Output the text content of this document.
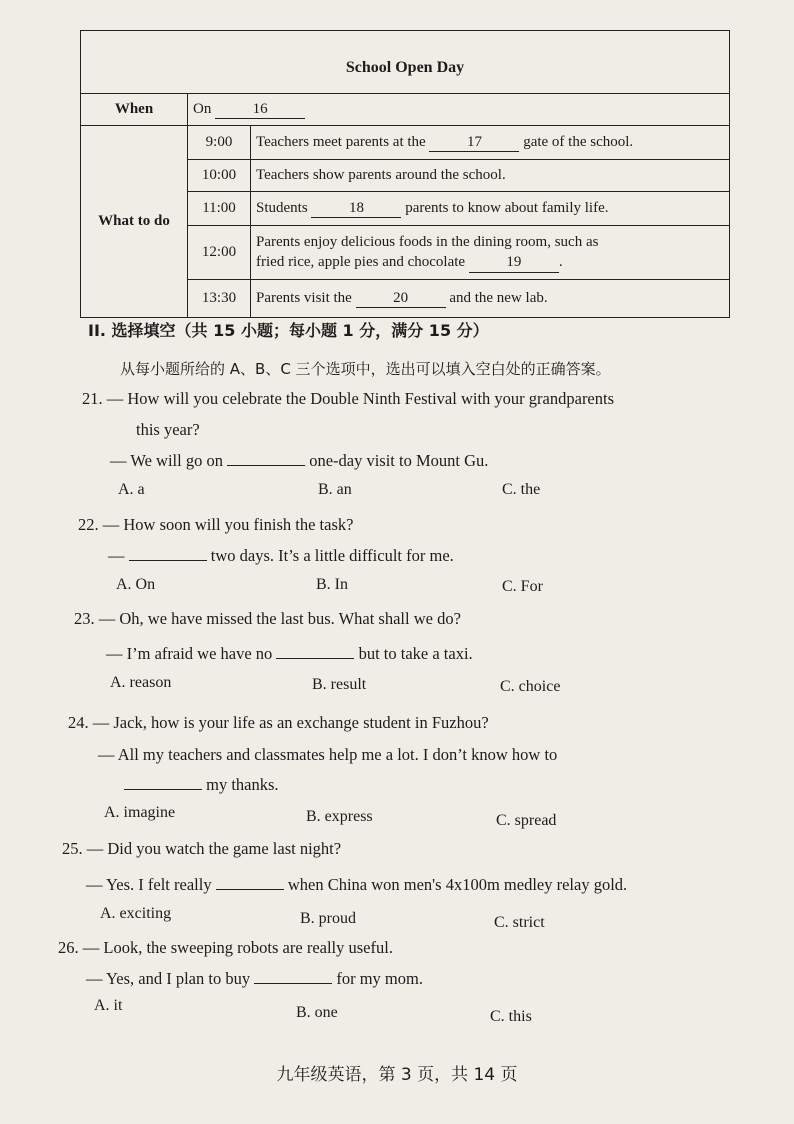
School Open Day		
When	On 16	
What to do	9:00	Teachers meet parents at the 17 gate of the school.
	10:00	Teachers show parents around the school.
	11:00	Students 18 parents to know about family life.
	12:00	Parents enjoy delicious foods in the dining room, such as
fried rice, apple pies and chocolate 19 .
	13:30	Parents visit the 20 and the new lab.
II. 选择填空（共 15 小题；每小题 1 分，满分 15 分）
从每小题所给的 A、B、C 三个选项中，选出可以填入空白处的正确答案。
21. — How will you celebrate the Double Ninth Festival with your grandparents
this year?
— We will go on	one-day visit to Mount Gu.
A. a	B. an	C. the
22. — How soon will you finish the task?
—	two days. It’s a little difficult for me.
A. On	B. In	C. For
23. — Oh, we have missed the last bus. What shall we do?
— I’m afraid we have no	but to take a taxi.
A. reason	B. result	C. choice
24. — Jack, how is your life as an exchange student in Fuzhou?
— All my teachers and classmates help me a lot. I don’t know how to
my thanks.
A. imagine	B. express	C. spread
25. — Did you watch the game last night?
— Yes. I felt really	when China won men's 4x100m medley relay gold.
A. exciting	B. proud	C. strict
26. — Look, the sweeping robots are really useful.
— Yes, and I plan to buy	for my mom.
A. it	B. one	C. this
九年级英语，第 3 页，共 14 页
